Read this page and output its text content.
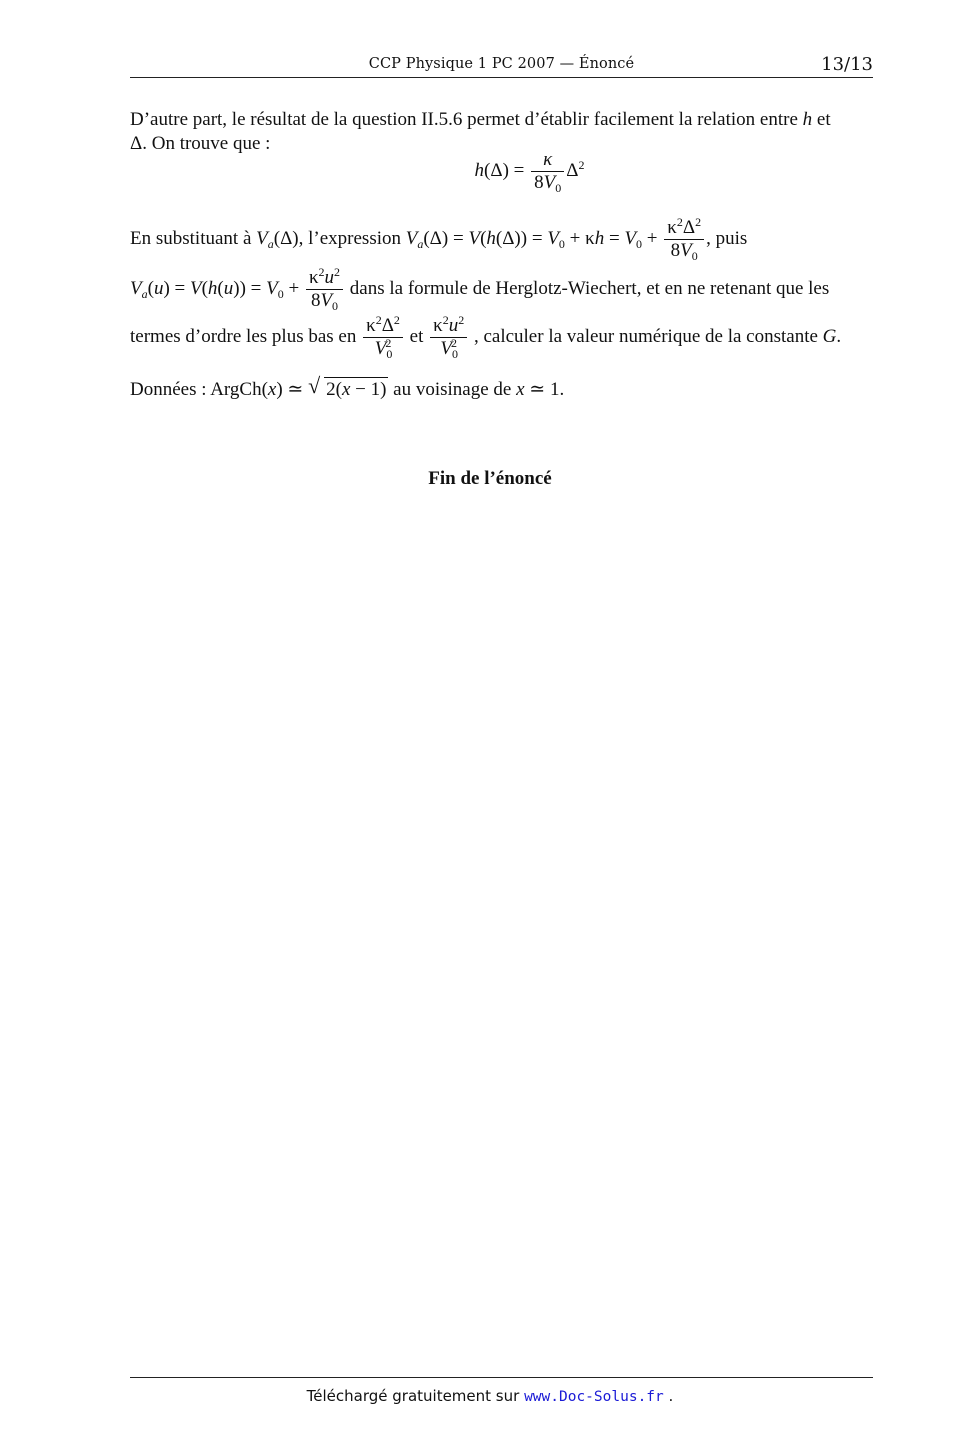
CCP Physique 1 PC 2007 — Énoncé	13/13
D’autre part, le résultat de la question II.5.6 permet d’établir facilement la relation entre h et
Δ. On trouve que :
$h(\Delta) = \frac{\kappa}{8V_0} \Delta^2$
En substituant à $V_a(\Delta)$, l’expression $V_a(\Delta) = V(h(\Delta)) = V_0 + \kappa h = V_0 + \frac{\kappa^2\Delta^2}{8V_0}$ , puis
$V_a(u) = V(h(u)) = V_0 + \frac{\kappa^2u^2}{8V_0}$ dans la formule de Herglotz-Wiechert, et en ne retenant que les
termes d’ordre les plus bas en $\frac{\kappa^2\Delta^2}{V_0^2}$ et $\frac{\kappa^2u^2}{V_0^2}$ , calculer la valeur numérique de la constante G.
Données : ArgCh(x) ≃ √ 2(x − 1) au voisinage de x ≃ 1.
Fin de l’énoncé
Téléchargé gratuitement sur www.Doc-Solus.fr .
